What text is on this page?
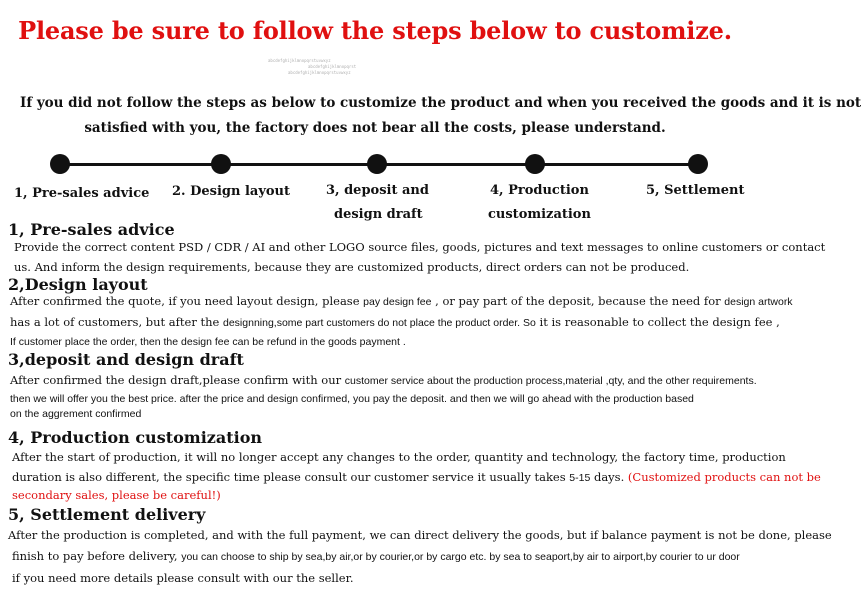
Please be sure to follow the steps below to customize.
abcdefghijklmnopqrstuvwxyz
abcdefghijklmnopqrst
abcdefghijklmnopqrstuvwxyz
If you did not follow the steps as below to customize the product and when you received the goods and it is not
satisfied with you, the factory does not bear all the costs, please understand.
1, Pre-sales advice 2. Design layout	3, deposit and
design draft
4, Production
customization
5, Settlement
1, Pre-sales advice
Provide the correct content PSD / CDR / AI and other LOGO source files, goods, pictures and text messages to online customers or contact
us. And inform the design requirements, because they are customized products, direct orders can not be produced.
2,Design layout
After confirmed the quote, if you need layout design, please pay design fee , or pay part of the deposit, because the need for design artwork
has a lot of customers, but after the designning,some part customers do not place the product order. So it is reasonable to collect the design fee ,
If customer place the order, then the design fee can be refund in the goods payment .
3,deposit and design draft
After confirmed the design draft,please confirm with our customer service about the production process,material ,qty, and the other requirements.
then we will offer you the best price. after the price and design confirmed, you pay the deposit. and then we will go ahead with the production based
on the aggrement confirmed
4, Production customization
After the start of production, it will no longer accept any changes to the order, quantity and technology, the factory time, production
duration is also different, the specific time please consult our customer service it usually takes 5-15 days. (Customized products can not be
secondary sales, please be careful!)
5, Settlement delivery
After the production is completed, and with the full payment, we can direct delivery the goods, but if balance payment is not be done, please
finish to pay before delivery, you can choose to ship by sea,by air,or by courier,or by cargo etc. by sea to seaport,by air to airport,by courier to ur door
if you need more details please consult with our the seller.
